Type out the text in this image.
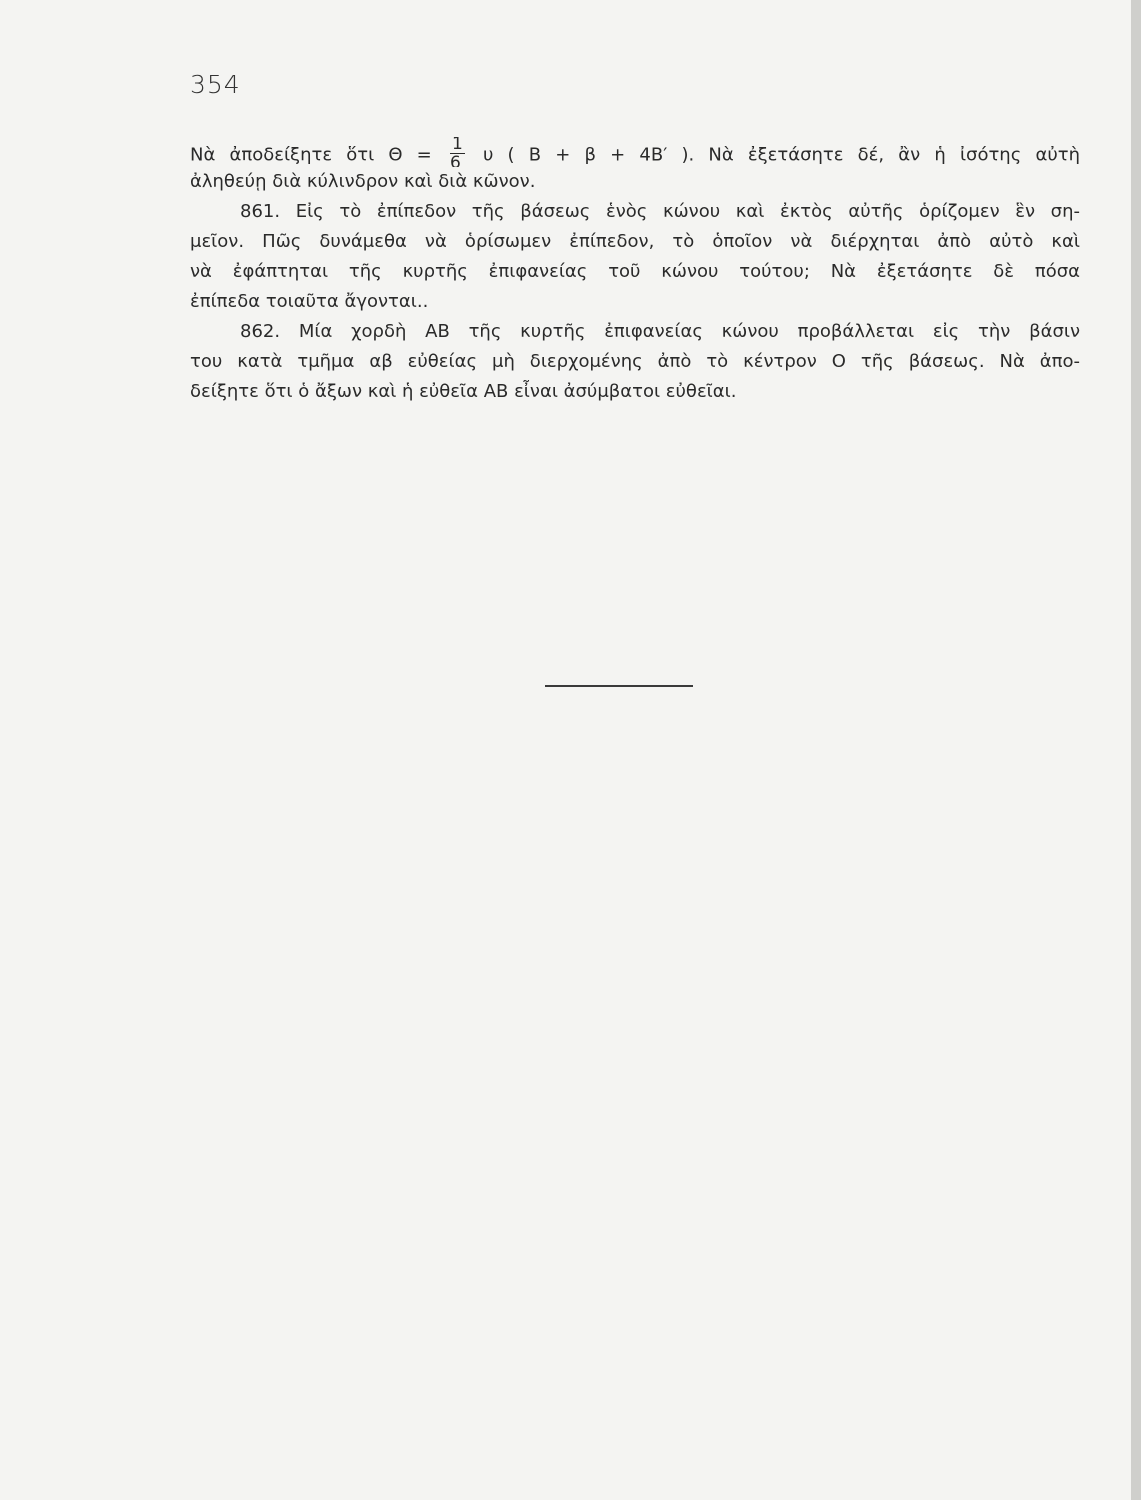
354
Νὰ ἀποδείξητε ὅτι $\Theta = \frac{1}{6}$ υ ( Β + β + 4Β′ ). Νὰ ἐξετάσητε δέ, ἂν ἡ ἰσότης αὐτὴ
ἀληθεύῃ διὰ κύλινδρον καὶ διὰ κῶνον.
861. Εἰς τὸ ἐπίπεδον τῆς βάσεως ἑνὸς κώνου καὶ ἐκτὸς αὐτῆς ὁρίζομεν ἓν ση-
μεῖον. Πῶς δυνάμεθα νὰ ὁρίσωμεν ἐπίπεδον, τὸ ὁποῖον νὰ διέρχηται ἀπὸ αὐτὸ καὶ
νὰ ἐφάπτηται τῆς κυρτῆς ἐπιφανείας τοῦ κώνου τούτου; Νὰ ἐξετάσητε δὲ πόσα
ἐπίπεδα τοιαῦτα ἄγονται..
862. Μία χορδὴ ΑΒ τῆς κυρτῆς ἐπιφανείας κώνου προβάλλεται εἰς τὴν βάσιν
του κατὰ τμῆμα αβ εὐθείας μὴ διερχομένης ἀπὸ τὸ κέντρον Ο τῆς βάσεως. Νὰ ἀπο-
δείξητε ὅτι ὁ ἄξων καὶ ἡ εὐθεῖα ΑΒ εἶναι ἀσύμβατοι εὐθεῖαι.
